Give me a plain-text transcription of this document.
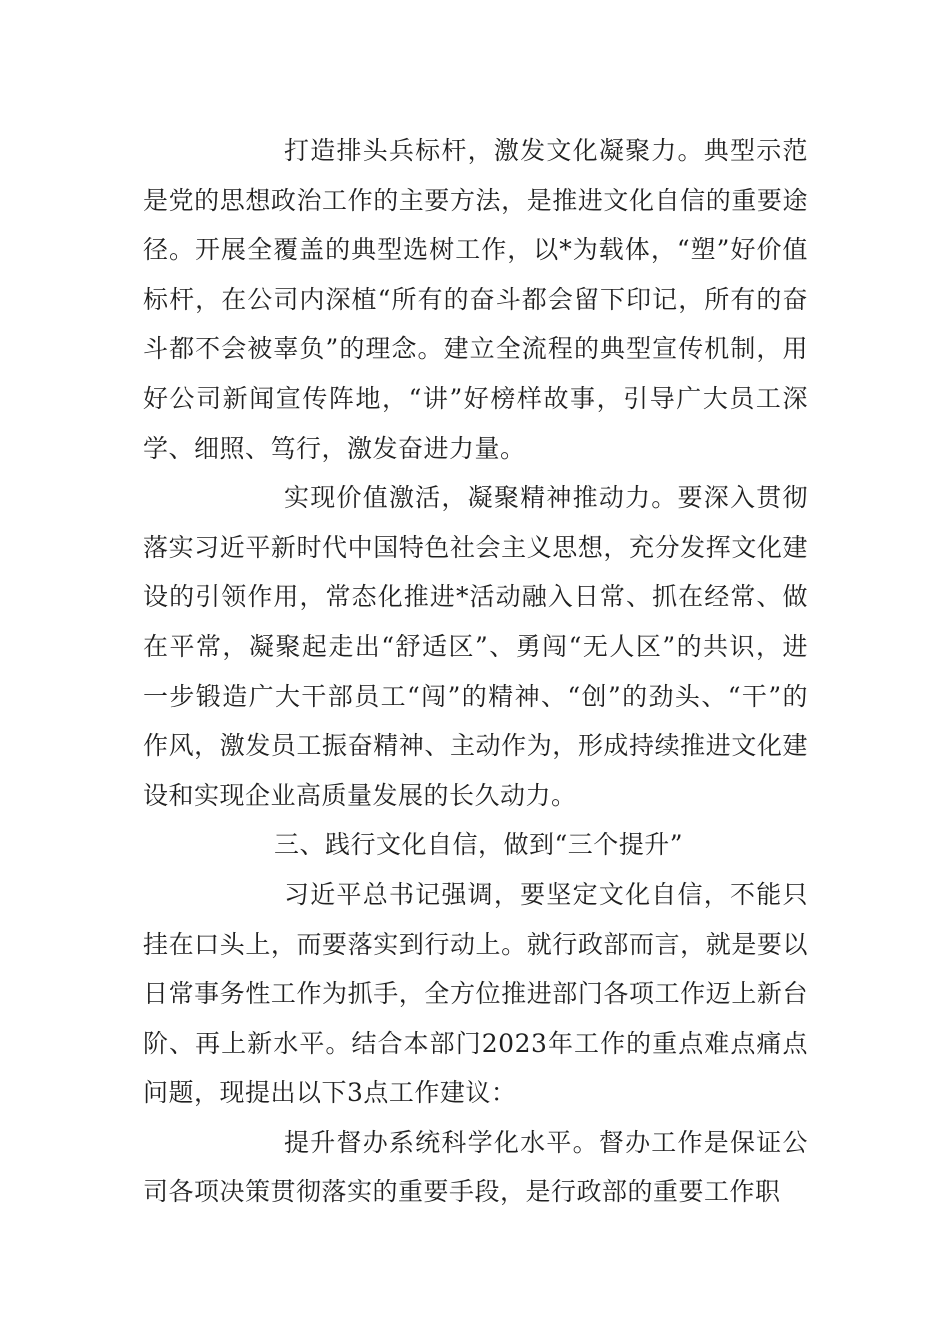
打造排头兵标杆，激发文化凝聚力。典型示范是党的思想政治工作的主要方法，是推进文化自信的重要途径。开展全覆盖的典型选树工作，以*为载体，“塑”好价值标杆，在公司内深植“所有的奋斗都会留下印记，所有的奋斗都不会被辜负”的理念。建立全流程的典型宣传机制，用好公司新闻宣传阵地，“讲”好榜样故事，引导广大员工深学、细照、笃行，激发奋进力量。

实现价值激活，凝聚精神推动力。要深入贯彻落实习近平新时代中国特色社会主义思想，充分发挥文化建设的引领作用，常态化推进*活动融入日常、抓在经常、做在平常，凝聚起走出“舒适区”、勇闯“无人区”的共识，进一步锻造广大干部员工“闯”的精神、“创”的劲头、“干”的作风，激发员工振奋精神、主动作为，形成持续推进文化建设和实现企业高质量发展的长久动力。

三、践行文化自信，做到“三个提升”

习近平总书记强调，要坚定文化自信，不能只挂在口头上，而要落实到行动上。就行政部而言，就是要以日常事务性工作为抓手，全方位推进部门各项工作迈上新台阶、再上新水平。结合本部门2023年工作的重点难点痛点问题，现提出以下3点工作建议：

提升督办系统科学化水平。督办工作是保证公司各项决策贯彻落实的重要手段，是行政部的重要工作职
